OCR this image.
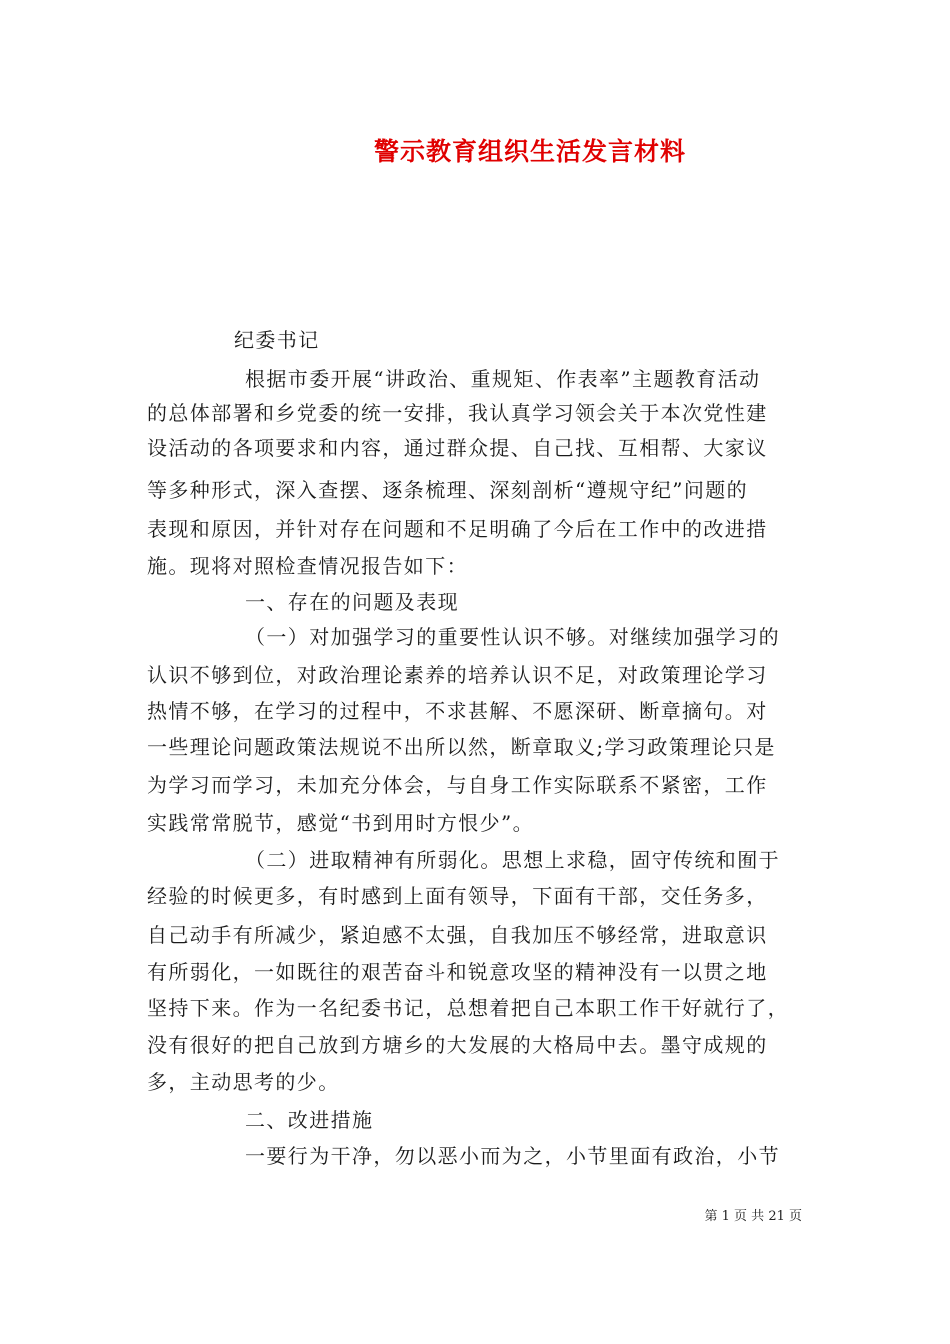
警示教育组织生活发言材料
纪委书记
根据市委开展“讲政治、重规矩、作表率”主题教育活动
的总体部署和乡党委的统一安排，我认真学习领会关于本次党性建
设活动的各项要求和内容，通过群众提、自己找、互相帮、大家议
等多种形式，深入查摆、逐条梳理、深刻剖析“遵规守纪”问题的
表现和原因，并针对存在问题和不足明确了今后在工作中的改进措
施。现将对照检查情况报告如下：
一、存在的问题及表现
（一）对加强学习的重要性认识不够。对继续加强学习的
认识不够到位，对政治理论素养的培养认识不足，对政策理论学习
热情不够，在学习的过程中，不求甚解、不愿深研、断章摘句。对
一些理论问题政策法规说不出所以然，断章取义;学习政策理论只是
为学习而学习，未加充分体会，与自身工作实际联系不紧密，工作
实践常常脱节，感觉“书到用时方恨少”。
（二）进取精神有所弱化。思想上求稳，固守传统和囿于
经验的时候更多，有时感到上面有领导，下面有干部，交任务多，
自己动手有所减少，紧迫感不太强，自我加压不够经常，进取意识
有所弱化，一如既往的艰苦奋斗和锐意攻坚的精神没有一以贯之地
坚持下来。作为一名纪委书记，总想着把自己本职工作干好就行了，
没有很好的把自己放到方塘乡的大发展的大格局中去。墨守成规的
多，主动思考的少。
二、改进措施
一要行为干净，勿以恶小而为之，小节里面有政治，小节
第 1 页 共 21 页
